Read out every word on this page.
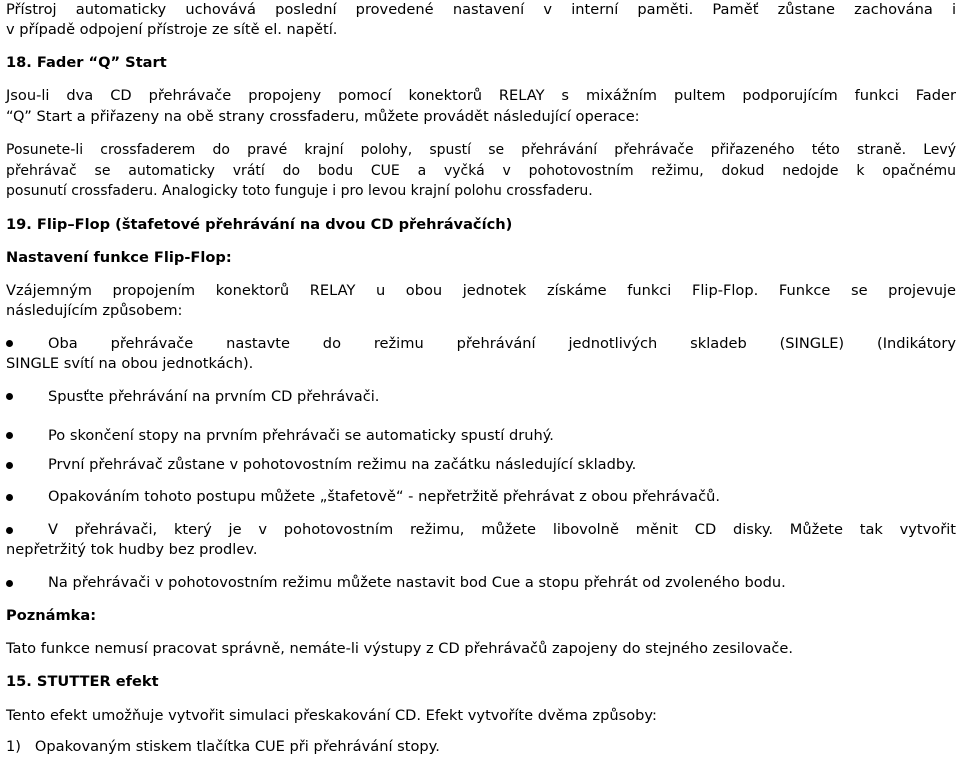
Přístroj automaticky uchovává poslední provedené nastavení v interní paměti. Paměť zůstane zachována i

v případě odpojení přístroje ze sítě el. napětí.

18. Fader “Q” Start

Jsou-li dva CD přehrávače propojeny pomocí konektorů RELAY s mixážním pultem podporujícím funkci Fader

“Q” Start a přiřazeny na obě strany crossfaderu, můžete provádět následující operace:

Posunete-li crossfaderem do pravé krajní polohy, spustí se přehrávání přehrávače přiřazeného této straně. Levý

přehrávač se automaticky vrátí do bodu CUE a vyčká v pohotovostním režimu, dokud nedojde k opačnému

posunutí crossfaderu. Analogicky toto funguje i pro levou krajní polohu crossfaderu.

19. Flip–Flop (štafetové přehrávání na dvou CD přehrávačích)

Nastavení funkce Flip-Flop:

Vzájemným propojením konektorů RELAY u obou jednotek získáme funkci Flip-Flop. Funkce se projevuje

následujícím způsobem:

Oba přehrávače nastavte do režimu přehrávání jednotlivých skladeb (SINGLE) (Indikátory

SINGLE svítí na obou jednotkách).

Spusťte přehrávání na prvním CD přehrávači.

Po skončení stopy na prvním přehrávači se automaticky spustí druhý.

První přehrávač zůstane v pohotovostním režimu na začátku následující skladby.

Opakováním tohoto postupu můžete „štafetově“ - nepřetržitě přehrávat z obou přehrávačů.

V přehrávači, který je v pohotovostním režimu, můžete libovolně měnit CD disky. Můžete tak vytvořit

nepřetržitý tok hudby bez prodlev.

Na přehrávači v pohotovostním režimu můžete nastavit bod Cue a stopu přehrát od zvoleného bodu.

Poznámka:

Tato funkce nemusí pracovat správně, nemáte-li výstupy z CD přehrávačů zapojeny do stejného zesilovače.

15. STUTTER efekt

Tento efekt umožňuje vytvořit simulaci přeskakování CD. Efekt vytvoříte dvěma způsoby:

1)   Opakovaným stiskem tlačítka CUE při přehrávání stopy.
